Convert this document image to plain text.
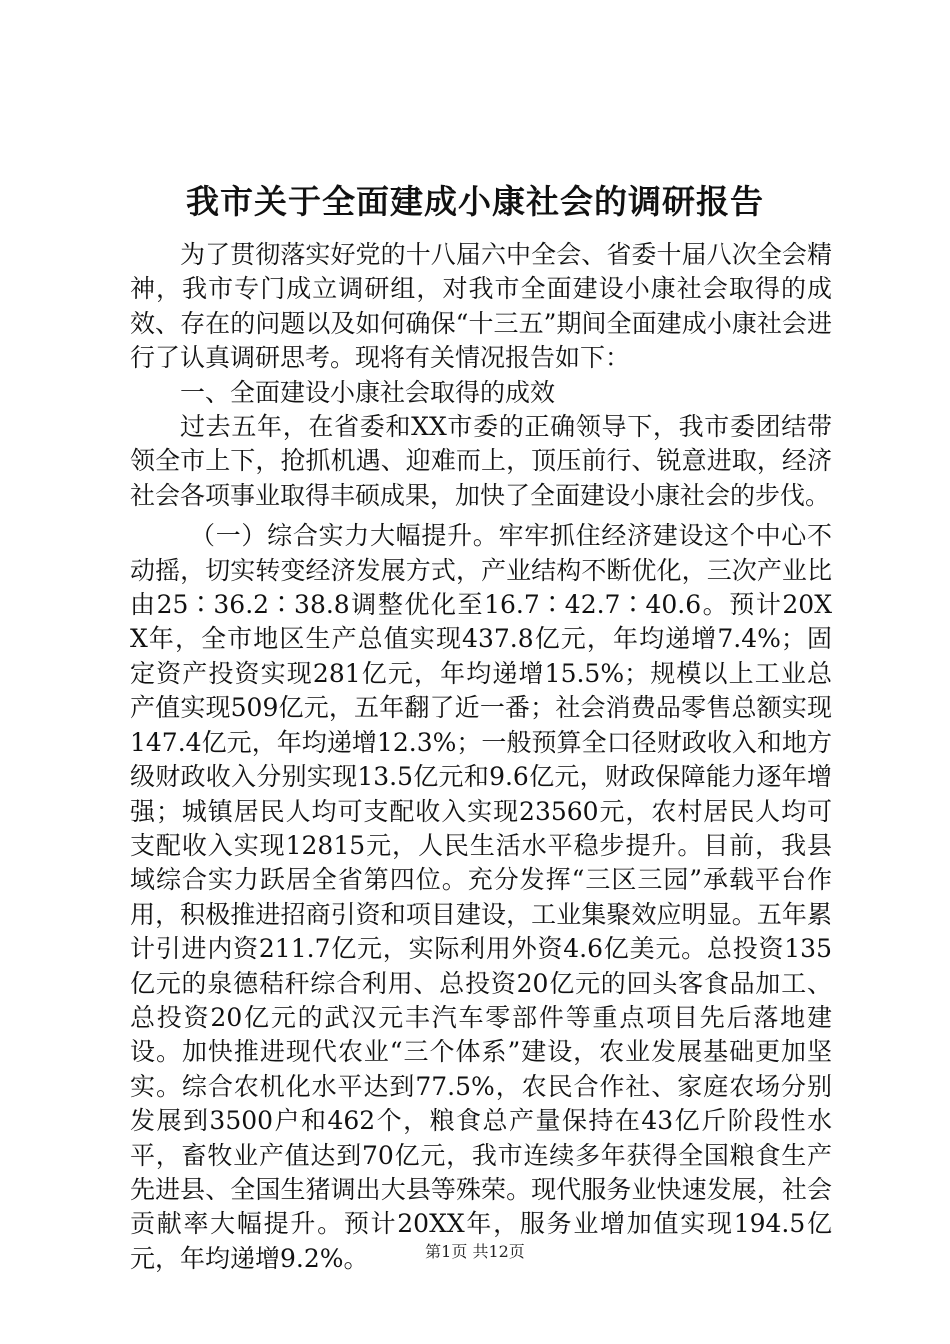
我市关于全面建成小康社会的调研报告

为了贯彻落实好党的十八届六中全会、省委十届八次全会精神，我市专门成立调研组，对我市全面建设小康社会取得的成效、存在的问题以及如何确保“十三五”期间全面建成小康社会进行了认真调研思考。现将有关情况报告如下：

一、全面建设小康社会取得的成效

过去五年，在省委和XX市委的正确领导下，我市委团结带领全市上下，抢抓机遇、迎难而上，顶压前行、锐意进取，经济社会各项事业取得丰硕成果，加快了全面建设小康社会的步伐。

（一）综合实力大幅提升。牢牢抓住经济建设这个中心不动摇，切实转变经济发展方式，产业结构不断优化，三次产业比由25∶36.2∶38.8调整优化至16.7∶42.7∶40.6。预计20XX年，全市地区生产总值实现437.8亿元，年均递增7.4%；固定资产投资实现281亿元，年均递增15.5%；规模以上工业总产值实现509亿元，五年翻了近一番；社会消费品零售总额实现147.4亿元，年均递增12.3%；一般预算全口径财政收入和地方级财政收入分别实现13.5亿元和9.6亿元，财政保障能力逐年增强；城镇居民人均可支配收入实现23560元，农村居民人均可支配收入实现12815元，人民生活水平稳步提升。目前，我县域综合实力跃居全省第四位。充分发挥“三区三园”承载平台作用，积极推进招商引资和项目建设，工业集聚效应明显。五年累计引进内资211.7亿元，实际利用外资4.6亿美元。总投资135亿元的泉德秸秆综合利用、总投资20亿元的回头客食品加工、总投资20亿元的武汉元丰汽车零部件等重点项目先后落地建设。加快推进现代农业“三个体系”建设，农业发展基础更加坚实。综合农机化水平达到77.5%，农民合作社、家庭农场分别发展到3500户和462个，粮食总产量保持在43亿斤阶段性水平，畜牧业产值达到70亿元，我市连续多年获得全国粮食生产先进县、全国生猪调出大县等殊荣。现代服务业快速发展，社会贡献率大幅提升。预计20XX年，服务业增加值实现194.5亿元，年均递增9.2%。	第1页 共12页
